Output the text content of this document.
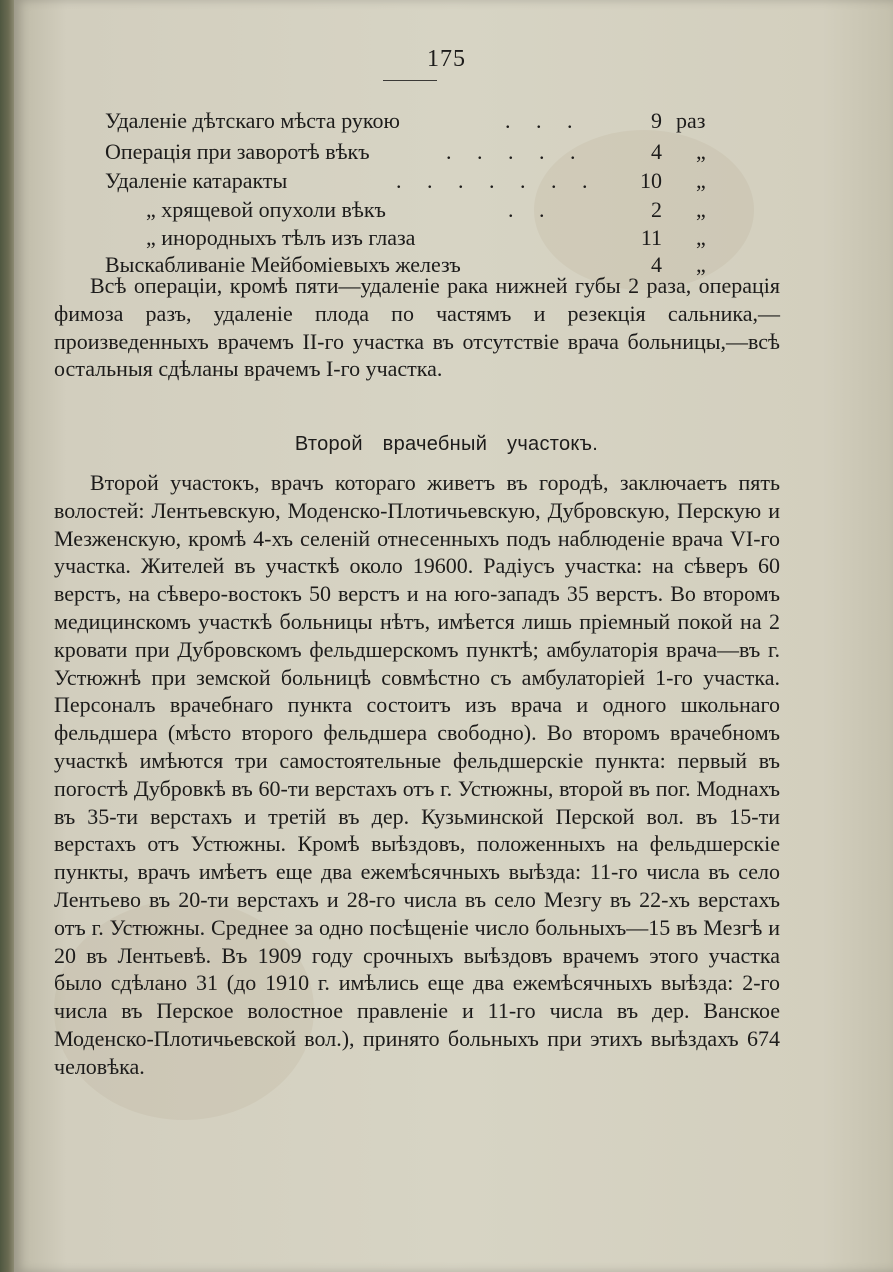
175
Удаленіе дѣтскаго мѣста рукою	. . .	9 раз
Операція при заворотѣ вѣкъ	. . . . .	4 „
Удаленіе катаракты	. . . . . . .	10 „
„ хрящевой опухоли вѣкъ	. .	2 „
„ инородныхъ тѣлъ изъ глаза	11 „
Выскабливаніе Мейбоміевыхъ железъ	4 „

Всѣ операціи, кромѣ пяти—удаленіе рака нижней губы 2 раза, операція фимоза разъ, удаленіе плода по частямъ и резекція сальника,—произведенныхъ врачемъ II-го участка въ отсутствіе врача больницы,—всѣ остальныя сдѣланы врачемъ I-го участка.

Второй врачебный участокъ.

Второй участокъ, врачъ котораго живетъ въ городѣ, заключаетъ пять волостей: Лентьевскую, Моденско-Плотичьевскую, Дубровскую, Перскую и Мезженскую, кромѣ 4-хъ селеній отнесенныхъ подъ наблюденіе врача VI-го участка. Жителей въ участкѣ около 19600. Радіусъ участка: на сѣверъ 60 верстъ, на сѣверо-востокъ 50 верстъ и на юго-западъ 35 верстъ. Во второмъ медицинскомъ участкѣ больницы нѣтъ, имѣется лишь пріемный покой на 2 кровати при Дубровскомъ фельдшерскомъ пунктѣ; амбулаторія врача—въ г. Устюжнѣ при земской больницѣ совмѣстно съ амбулаторіей 1-го участка. Персоналъ врачебнаго пункта состоитъ изъ врача и одного школьнаго фельдшера (мѣсто второго фельдшера свободно). Во второмъ врачебномъ участкѣ имѣются три самостоятельные фельдшерскіе пункта: первый въ погостѣ Дубровкѣ въ 60-ти верстахъ отъ г. Устюжны, второй въ пог. Моднахъ въ 35-ти верстахъ и третій въ дер. Кузьминской Перской вол. въ 15-ти верстахъ отъ Устюжны. Кромѣ выѣздовъ, положенныхъ на фельдшерскіе пункты, врачъ имѣетъ еще два ежемѣсячныхъ выѣзда: 11-го числа въ село Лентьево въ 20-ти верстахъ и 28-го числа въ село Мезгу въ 22-хъ верстахъ отъ г. Устюжны. Среднее за одно посѣщеніе число больныхъ—15 въ Мезгѣ и 20 въ Лентьевѣ. Въ 1909 году срочныхъ выѣздовъ врачемъ этого участка было сдѣлано 31 (до 1910 г. имѣлись еще два ежемѣсячныхъ выѣзда: 2-го числа въ Перское волостное правленіе и 11-го числа въ дер. Ванское Моденско-Плотичьевской вол.), принято больныхъ при этихъ выѣздахъ 674 человѣка.
